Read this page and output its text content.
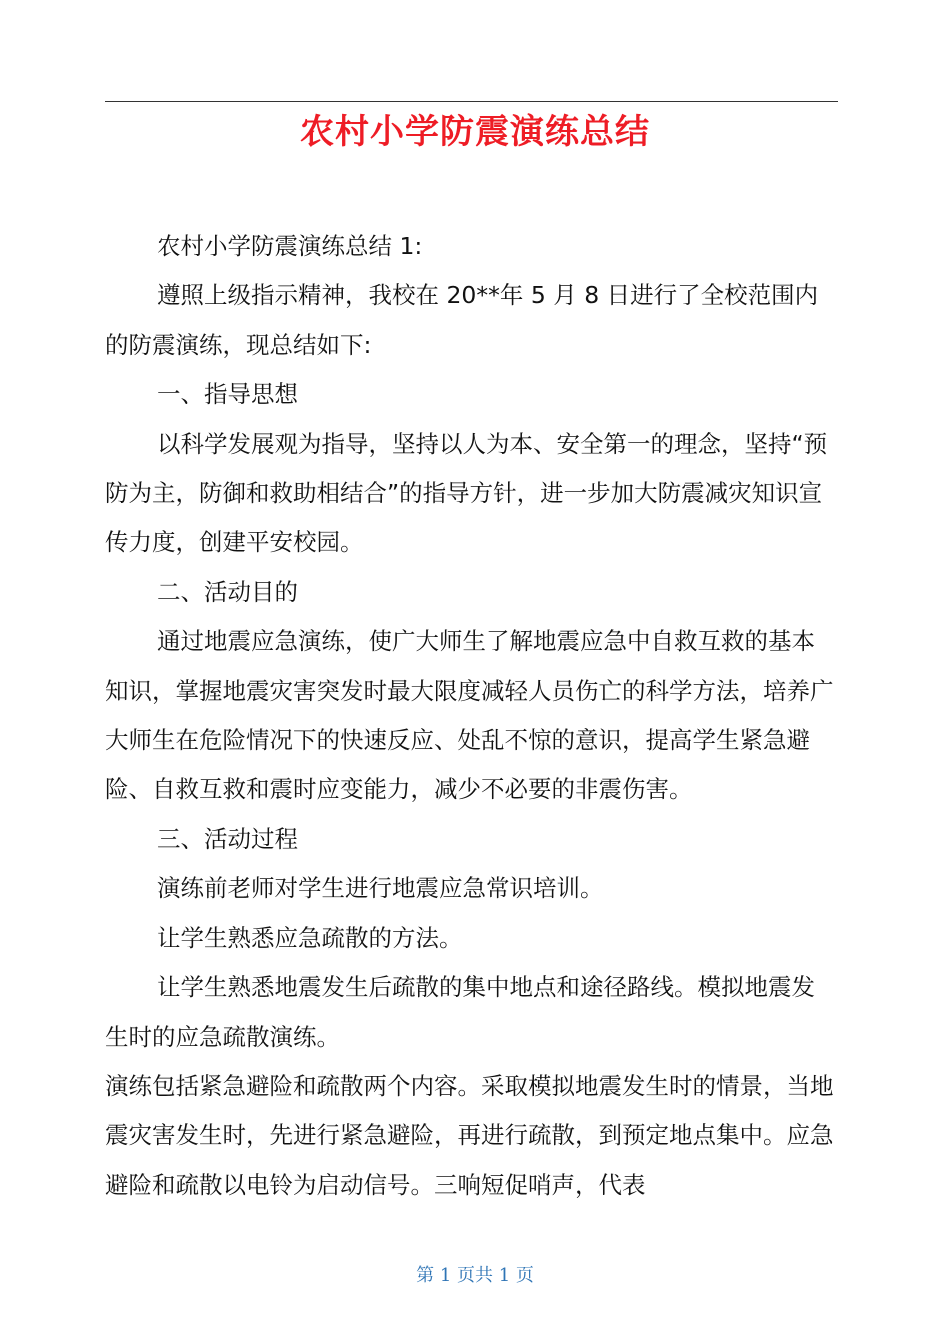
农村小学防震演练总结

农村小学防震演练总结 1:

遵照上级指示精神，我校在 20**年 5 月 8 日进行了全校范围内的防震演练，现总结如下:

一、指导思想

以科学发展观为指导，坚持以人为本、安全第一的理念，坚持“预防为主，防御和救助相结合”的指导方针，进一步加大防震减灾知识宣传力度，创建平安校园。

二、活动目的

通过地震应急演练，使广大师生了解地震应急中自救互救的基本知识，掌握地震灾害突发时最大限度减轻人员伤亡的科学方法，培养广大师生在危险情况下的快速反应、处乱不惊的意识，提高学生紧急避险、自救互救和震时应变能力，减少不必要的非震伤害。

三、活动过程

演练前老师对学生进行地震应急常识培训。

让学生熟悉应急疏散的方法。

让学生熟悉地震发生后疏散的集中地点和途径路线。模拟地震发生时的应急疏散演练。

演练包括紧急避险和疏散两个内容。采取模拟地震发生时的情景，当地震灾害发生时，先进行紧急避险，再进行疏散，到预定地点集中。应急避险和疏散以电铃为启动信号。三响短促哨声，代表

第 1 页共 1 页
